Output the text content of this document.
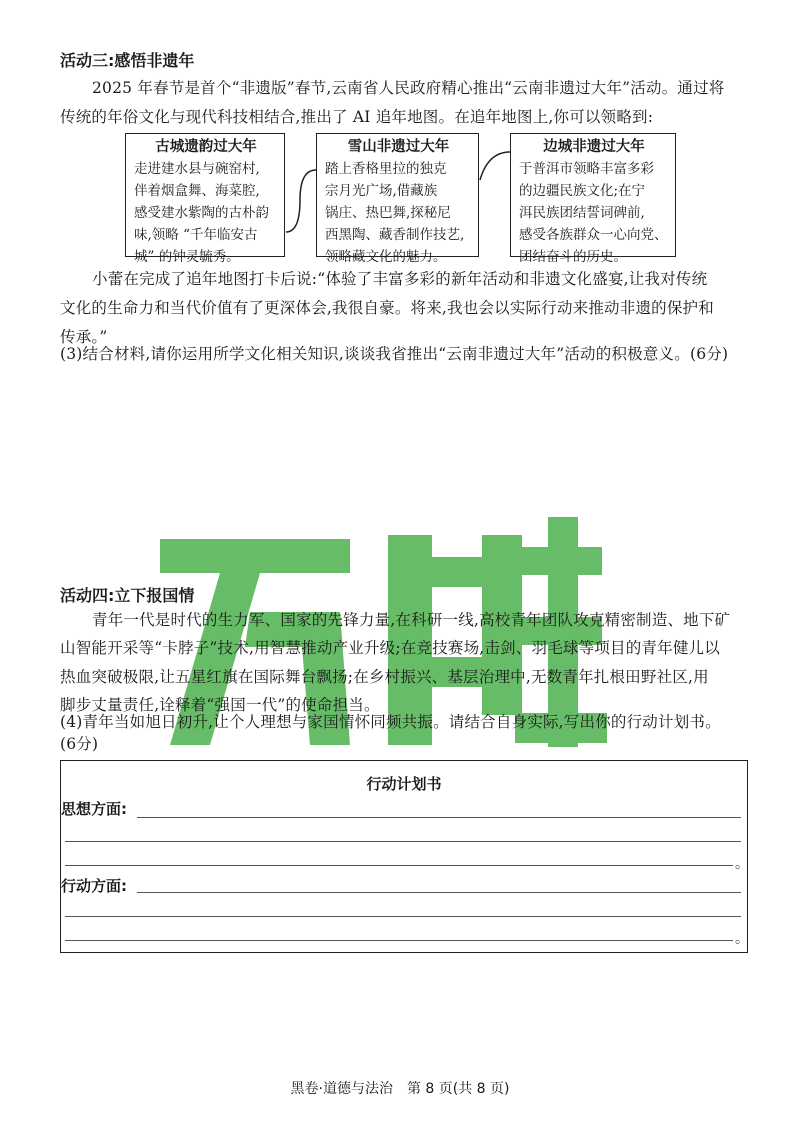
活动三:感悟非遗年
2025 年春节是首个“非遗版”春节,云南省人民政府精心推出“云南非遗过大年”活动。通过将
传统的年俗文化与现代科技相结合,推出了 AI 追年地图。在追年地图上,你可以领略到:
古城遗韵过大年
走进建水县与碗窑村,
伴着烟盒舞、海菜腔,
感受建水紫陶的古朴韵
味,领略 “千年临安古
城” 的钟灵毓秀。
雪山非遗过大年
踏上香格里拉的独克
宗月光广场,借藏族
锅庄、热巴舞,探秘尼
西黑陶、藏香制作技艺,
领略藏文化的魅力。
边城非遗过大年
于普洱市领略丰富多彩
的边疆民族文化;在宁
洱民族团结誓词碑前,
感受各族群众一心向党、
团结奋斗的历史。
小蕾在完成了追年地图打卡后说:“体验了丰富多彩的新年活动和非遗文化盛宴,让我对传统
文化的生命力和当代价值有了更深体会,我很自豪。将来,我也会以实际行动来推动非遗的保护和
传承。”
(3)结合材料,请你运用所学文化相关知识,谈谈我省推出“云南非遗过大年”活动的积极意义。(6分)
活动四:立下报国情
青年一代是时代的生力军、国家的先锋力量,在科研一线,高校青年团队攻克精密制造、地下矿
山智能开采等“卡脖子”技术,用智慧推动产业升级;在竞技赛场,击剑、羽毛球等项目的青年健儿以
热血突破极限,让五星红旗在国际舞台飘扬;在乡村振兴、基层治理中,无数青年扎根田野社区,用
脚步丈量责任,诠释着“强国一代”的使命担当。
(4)青年当如旭日初升,让个人理想与家国情怀同频共振。请结合自身实际,写出你的行动计划书。
(6分)
行动计划书
思想方面:
。
行动方面:
。
黑卷·道德与法治　第 8 页(共 8 页)
